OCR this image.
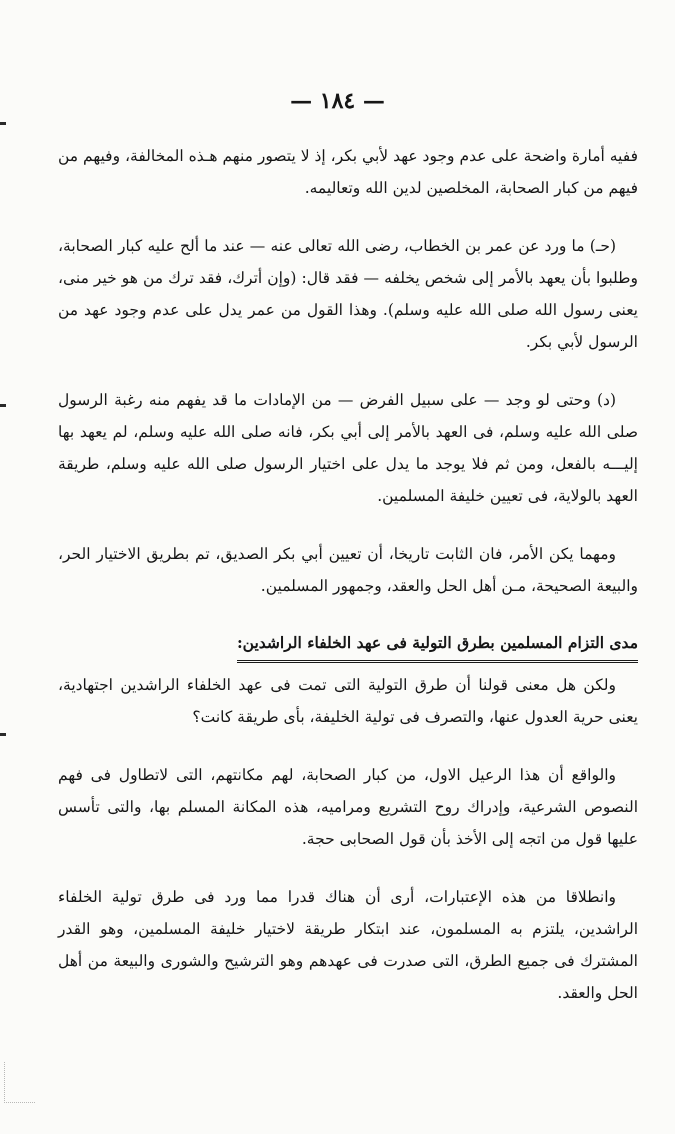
— ١٨٤ —

ففيه أمارة واضحة على عدم وجود عهد لأبي بكر، إذ لا يتصور منهم هـذه المخالفة، وفيهم من فيهم من كبار الصحابة، المخلصين لدين الله وتعاليمه.

(حـ) ما ورد عن عمر بن الخطاب، رضى الله تعالى عنه — عند ما ألح عليه كبار الصحابة، وطلبوا بأن يعهد بالأمر إلى شخص يخلفه — فقد قال: (وإن أترك، فقد ترك من هو خير منى، يعنى رسول الله صلى الله عليه وسلم). وهذا القول من عمر يدل على عدم وجود عهد من الرسول لأبي بكر.

(د) وحتى لو وجد — على سبيل الفرض — من الإمادات ما قد يفهم منه رغبة الرسول صلى الله عليه وسلم، فى العهد بالأمر إلى أبي بكر، فانه صلى الله عليه وسلم، لم يعهد بها إليـــه بالفعل، ومن ثم فلا يوجد ما يدل على اختيار الرسول صلى الله عليه وسلم، طريقة العهد بالولاية، فى تعيين خليفة المسلمين.

ومهما يكن الأمر، فان الثابت تاريخا، أن تعيين أبي بكر الصديق، تم بطريق الاختيار الحر، والبيعة الصحيحة، مـن أهل الحل والعقد، وجمهور المسلمين.

مدى التزام المسلمين بطرق التولية فى عهد الخلفاء الراشدين:

ولكن هل معنى قولنا أن طرق التولية التى تمت فى عهد الخلفاء الراشدين اجتهادية، يعنى حرية العدول عنها، والتصرف فى تولية الخليفة، بأى طريقة كانت؟

والواقع أن هذا الرعيل الاول، من كبار الصحابة، لهم مكانتهم، التى لاتطاول فى فهم النصوص الشرعية، وإدراك روح التشريع ومراميه، هذه المكانة المسلم بها، والتى تأسس عليها قول من اتجه إلى الأخذ بأن قول الصحابى حجة.

وانطلاقا من هذه الإعتبارات، أرى أن هناك قدرا مما ورد فى طرق تولية الخلفاء الراشدين، يلتزم به المسلمون، عند ابتكار طريقة لاختيار خليفة المسلمين، وهو القدر المشترك فى جميع الطرق، التى صدرت فى عهدهم وهو الترشيح والشورى والبيعة من أهل الحل والعقد.
